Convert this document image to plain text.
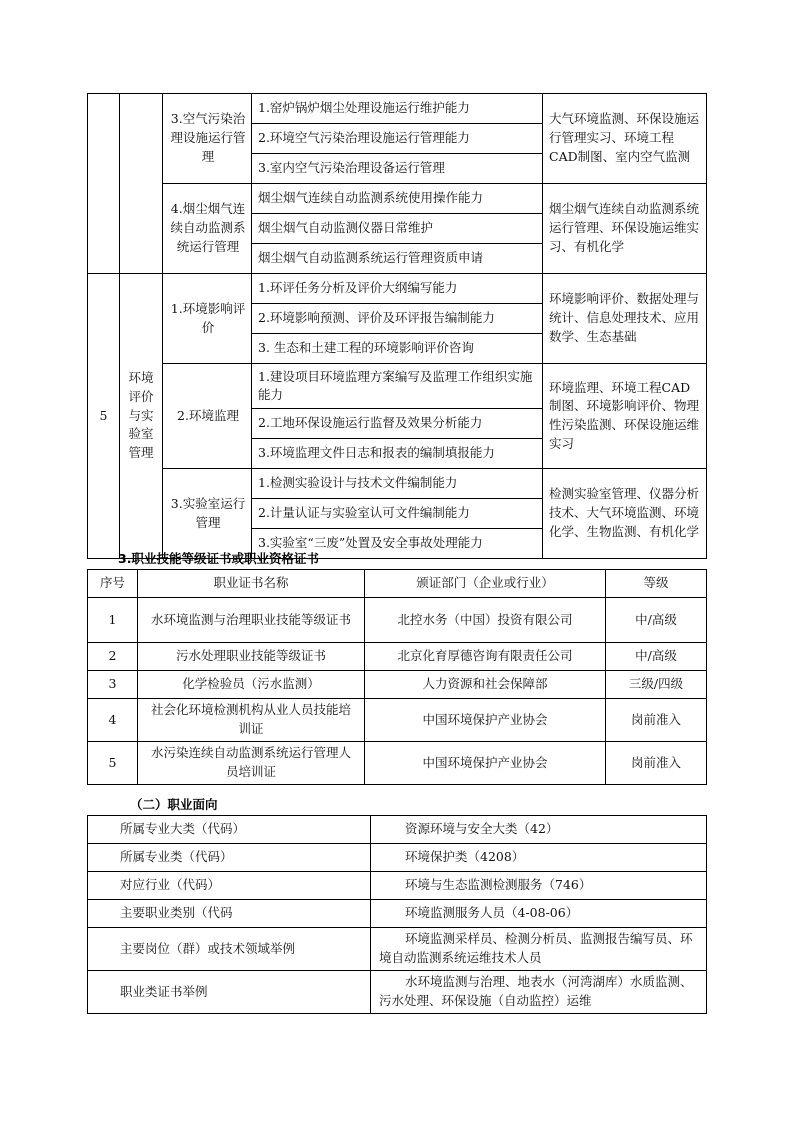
		3.空气污染治理设施运行管理	1.窑炉锅炉烟尘处理设施运行维护能力	大气环境监测、环保设施运行管理实习、环境工程CAD制图、室内空气监测
			2.环境空气污染治理设施运行管理能力	
			3.室内空气污染治理设备运行管理	
		4.烟尘烟气连续自动监测系统运行管理	烟尘烟气连续自动监测系统使用操作能力	烟尘烟气连续自动监测系统运行管理、环保设施运维实习、有机化学
			烟尘烟气自动监测仪器日常维护	
			烟尘烟气自动监测系统运行管理资质申请	
5	环境评价与实验室管理	1.环境影响评价	1.环评任务分析及评价大纲编写能力	环境影响评价、数据处理与统计、信息处理技术、应用数学、生态基础
			2.环境影响预测、评价及环评报告编制能力	
			3. 生态和土建工程的环境影响评价咨询	
		2.环境监理	1.建设项目环境监理方案编写及监理工作组织实施能力	环境监理、环境工程CAD制图、环境影响评价、物理性污染监测、环保设施运维实习
			2.工地环保设施运行监督及效果分析能力	
			3.环境监理文件日志和报表的编制填报能力	
		3.实验室运行管理	1.检测实验设计与技术文件编制能力	检测实验室管理、仪器分析技术、大气环境监测、环境化学、生物监测、有机化学
			2.计量认证与实验室认可文件编制能力	
			3.实验室“三废”处置及安全事故处理能力	
3.职业技能等级证书或职业资格证书
序号	职业证书名称	颁证部门（企业或行业）	等级
1	水环境监测与治理职业技能等级证书	北控水务（中国）投资有限公司	中/高级
2	污水处理职业技能等级证书	北京化育厚德咨询有限责任公司	中/高级
3	化学检验员（污水监测）	人力资源和社会保障部	三级/四级
4	社会化环境检测机构从业人员技能培训证	中国环境保护产业协会	岗前准入
5	水污染连续自动监测系统运行管理人员培训证	中国环境保护产业协会	岗前准入
（二）职业面向
所属专业大类（代码）	资源环境与安全大类（42）
所属专业类（代码）	环境保护类（4208）
对应行业（代码）	环境与生态监测检测服务（746）
主要职业类别（代码	环境监测服务人员（4-08-06）
主要岗位（群）或技术领域举例	环境监测采样员、检测分析员、监测报告编写员、环境自动监测系统运维技术人员
职业类证书举例	水环境监测与治理、地表水（河湾湖库）水质监测、污水处理、环保设施（自动监控）运维
